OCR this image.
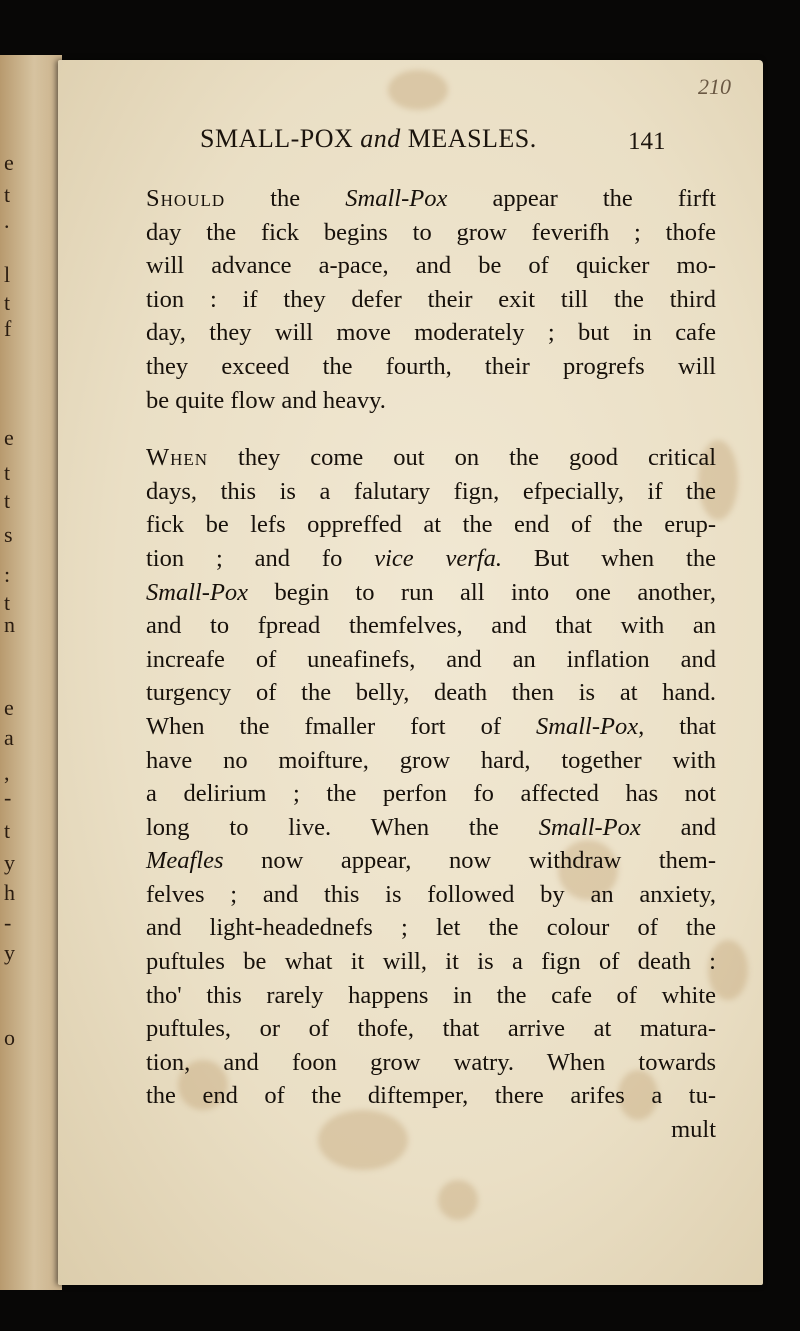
e
t
.
l
t
f
e
t
t
s
:
t
n
e
a
,
-
t
y
h
-
y
o
210
SMALL-POX and MEASLES.	141
Should the Small-Pox appear the firft
day the fick begins to grow feverifh ; thofe
will advance a-pace, and be of quicker mo-
tion : if they defer their exit till the third
day, they will move moderately ; but in cafe
they exceed the fourth, their progrefs will
be quite flow and heavy.
When they come out on the good critical
days, this is a falutary fign, efpecially, if the
fick be lefs oppreffed at the end of the erup-
tion ; and fo vice verfa. But when the
Small-Pox begin to run all into one another,
and to fpread themfelves, and that with an
increafe of uneafinefs, and an inflation and
turgency of the belly, death then is at hand.
When the fmaller fort of Small-Pox, that
have no moifture, grow hard, together with
a delirium ; the perfon fo affected has not
long to live. When the Small-Pox and
Meafles now appear, now withdraw them-
felves ; and this is followed by an anxiety,
and light-headednefs ; let the colour of the
puftules be what it will, it is a fign of death :
tho' this rarely happens in the cafe of white
puftules, or of thofe, that arrive at matura-
tion, and foon grow watry. When towards
the end of the diftemper, there arifes a tu-
mult
